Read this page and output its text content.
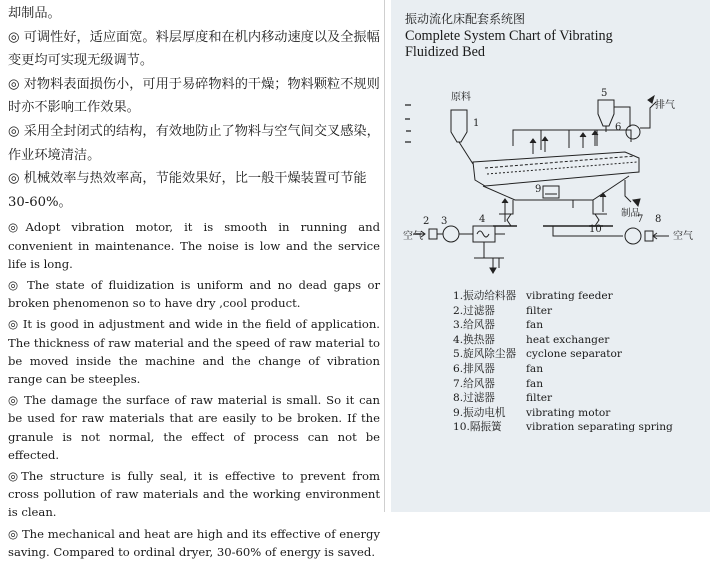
却制品。

◎ 可调性好，适应面宽。料层厚度和在机内移动速度以及全振幅

变更均可实现无级调节。

◎ 对物料表面损伤小，可用于易碎物料的干燥；物料颗粒不规则

时亦不影响工作效果。

◎ 采用全封闭式的结构，有效地防止了物料与空气间交叉感染，

作业环境清洁。

◎ 机械效率与热效率高，节能效果好，比一般干燥装置可节能

30-60%。

◎Adopt vibration motor, it is smooth in running and convenient in maintenance. The noise is low and the service life is long.

◎ The state of fluidization is uniform and no dead gaps or broken phenomenon so to have dry ,cool product.

◎ It is good in adjustment and wide in the field of application. The thickness of raw material and the speed of raw material to be moved inside the machine and the change of vibration range can be steeples.

◎ The damage the surface of raw material is small. So it can be used for raw materials that are easily to be broken. If the granule is not normal, the effect of process can not be effected.

◎The structure is fully seal, it is effective to prevent from cross pollution of raw materials and the working environment is clean.

◎ The mechanical and heat are high and its effective of energy saving. Compared to ordinal dryer, 30-60% of energy is saved.

振动流化床配套系统图

Complete System Chart of Vibrating Fluidized Bed

原料
排气
制品
空气	空气
1
2 3	4
5
6
7 8
9
10
1.振动给料器 vibrating feeder
2.过滤器	filter
3.给风器	fan
4.换热器	heat exchanger
5.旋风除尘器 cyclone separator
6.排风器	fan
7.给风器	fan
8.过滤器	filter
9.振动电机 vibrating motor
10.隔振簧 vibration separating spring
